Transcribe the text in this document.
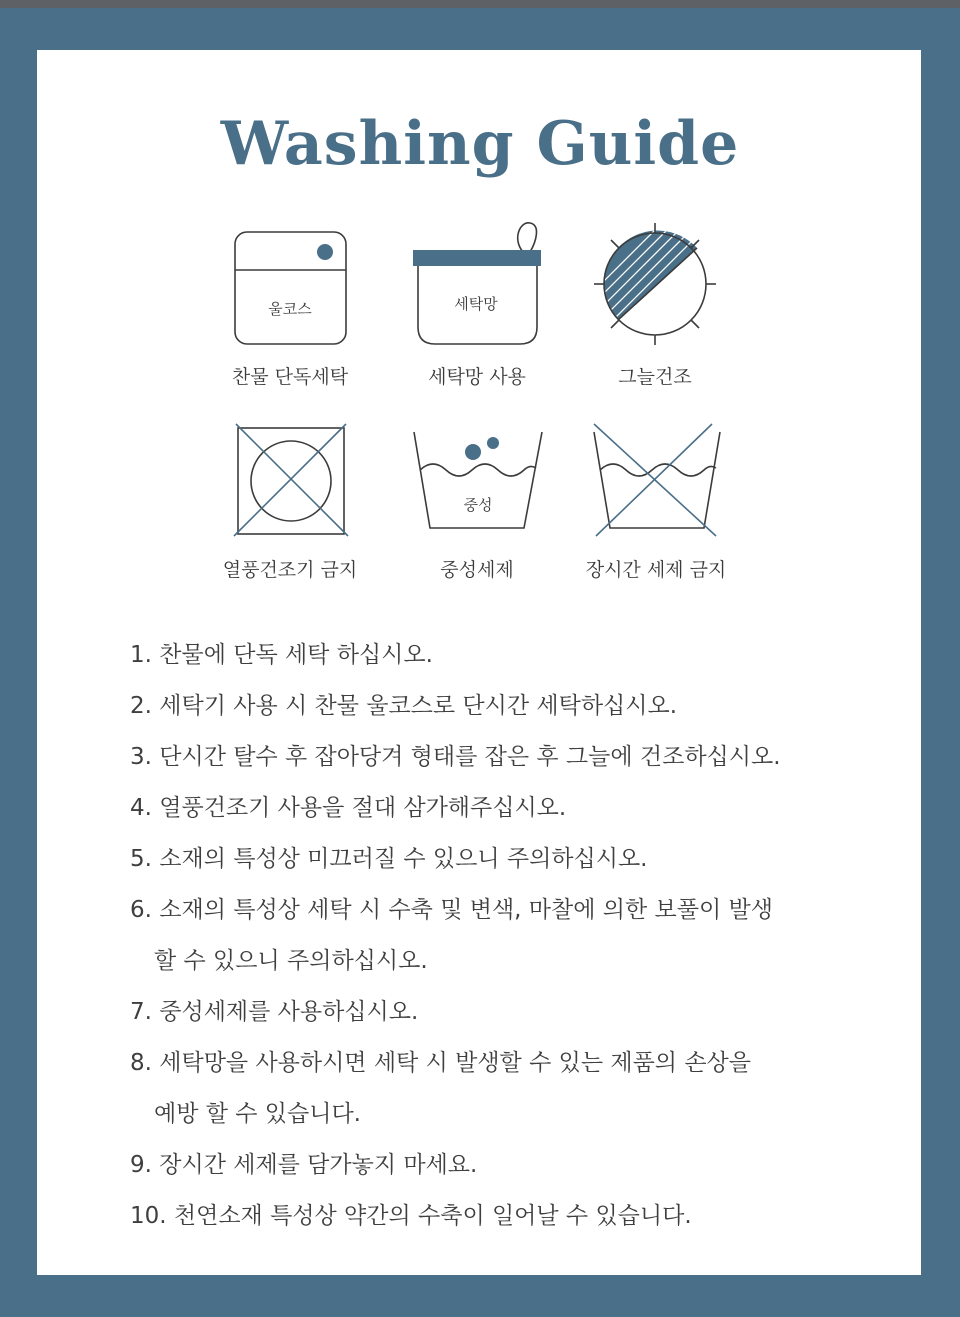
Washing Guide
울코스
찬물 단독세탁
세탁망
세탁망 사용	그늘건조
열풍건조기 금지
중성
중성세제	장시간 세제 금지
1. 찬물에 단독 세탁 하십시오.
2. 세탁기 사용 시 찬물 울코스로 단시간 세탁하십시오.
3. 단시간 탈수 후 잡아당겨 형태를 잡은 후 그늘에 건조하십시오.
4. 열풍건조기 사용을 절대 삼가해주십시오.
5. 소재의 특성상 미끄러질 수 있으니 주의하십시오.
6. 소재의 특성상 세탁 시 수축 및 변색, 마찰에 의한 보풀이 발생
할 수 있으니 주의하십시오.
7. 중성세제를 사용하십시오.
8. 세탁망을 사용하시면 세탁 시 발생할 수 있는 제품의 손상을
예방 할 수 있습니다.
9. 장시간 세제를 담가놓지 마세요.
10. 천연소재 특성상 약간의 수축이 일어날 수 있습니다.
